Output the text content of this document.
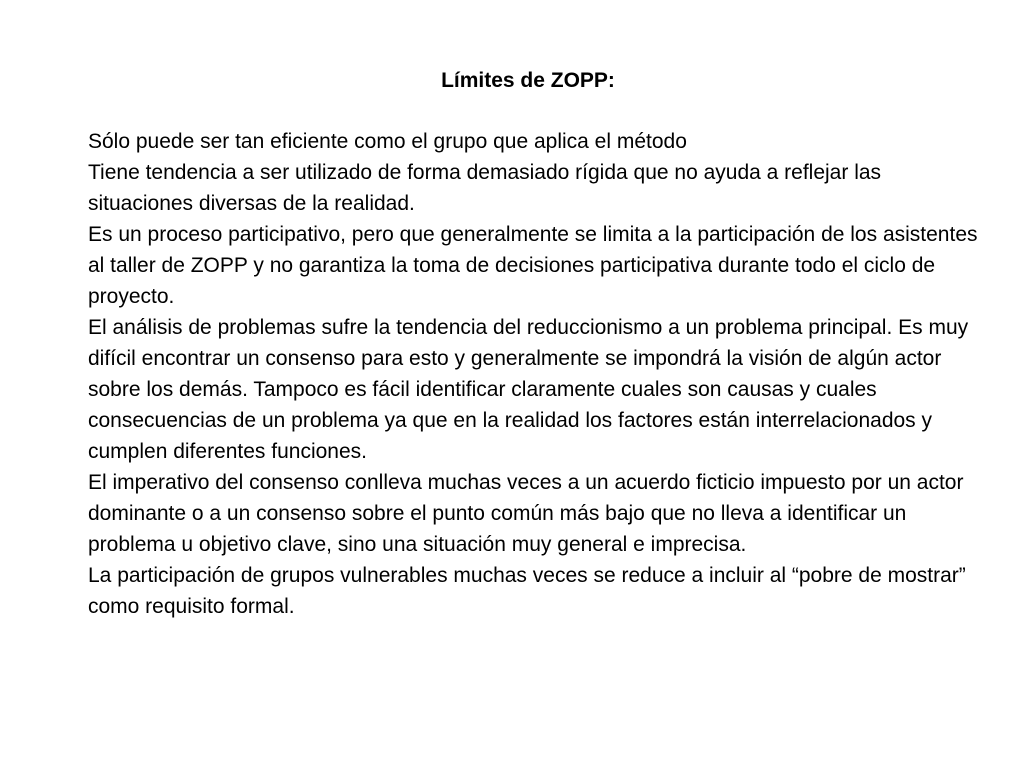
Límites de ZOPP:

Sólo puede ser tan eficiente como el grupo que aplica el método

Tiene tendencia a ser utilizado de forma demasiado rígida que no ayuda a reflejar las situaciones diversas de la realidad.

Es un proceso participativo, pero que generalmente se limita a la participación de los asistentes al taller de ZOPP y no garantiza la toma de decisiones participativa durante todo el ciclo de proyecto.

El análisis de problemas sufre la tendencia del reduccionismo a un problema principal. Es muy difícil encontrar un consenso para esto y generalmente se impondrá la visión de algún actor sobre los demás. Tampoco es fácil identificar claramente cuales son causas y cuales consecuencias de un problema ya que en la realidad los factores están interrelacionados y cumplen diferentes funciones.

El imperativo del consenso conlleva muchas veces a un acuerdo ficticio impuesto por un actor dominante o a un consenso sobre el punto común más bajo que no lleva a identificar un problema u objetivo clave, sino una situación muy general e imprecisa.

La participación de grupos vulnerables muchas veces se reduce a incluir al “pobre de mostrar” como requisito formal.
